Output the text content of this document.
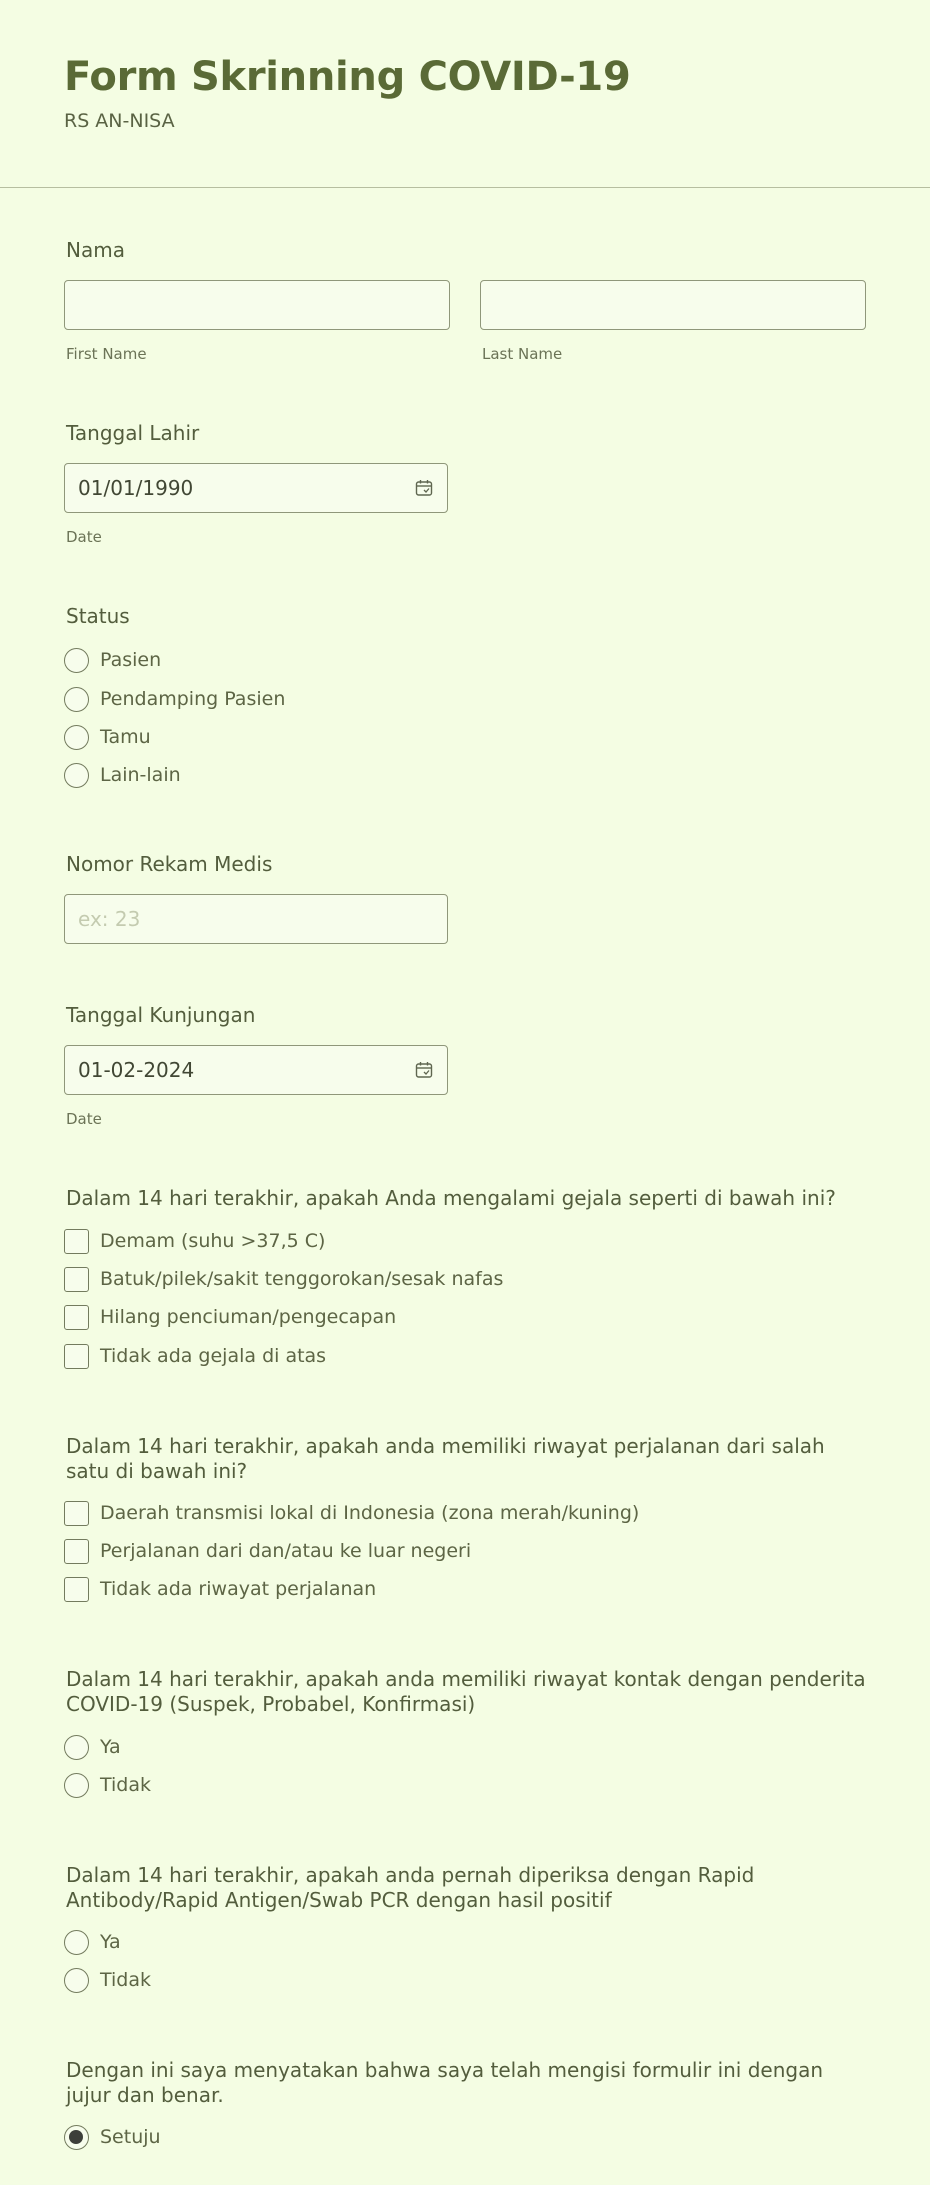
Form Skrinning COVID-19
RS AN-NISA
Nama
First Name	Last Name
Tanggal Lahir
01/01/1990
Date
Status
Pasien
Pendamping Pasien
Tamu
Lain-lain
Nomor Rekam Medis
ex: 23
Tanggal Kunjungan
01-02-2024
Date
Dalam 14 hari terakhir, apakah Anda mengalami gejala seperti di bawah ini?
Demam (suhu >37,5 C)
Batuk/pilek/sakit tenggorokan/sesak nafas
Hilang penciuman/pengecapan
Tidak ada gejala di atas
Dalam 14 hari terakhir, apakah anda memiliki riwayat perjalanan dari salah satu di bawah ini?
Daerah transmisi lokal di Indonesia (zona merah/kuning)
Perjalanan dari dan/atau ke luar negeri
Tidak ada riwayat perjalanan
Dalam 14 hari terakhir, apakah anda memiliki riwayat kontak dengan penderita COVID-19 (Suspek, Probabel, Konfirmasi)
Ya
Tidak
Dalam 14 hari terakhir, apakah anda pernah diperiksa dengan Rapid Antibody/Rapid Antigen/Swab PCR dengan hasil positif
Ya
Tidak
Dengan ini saya menyatakan bahwa saya telah mengisi formulir ini dengan jujur dan benar.
Setuju
